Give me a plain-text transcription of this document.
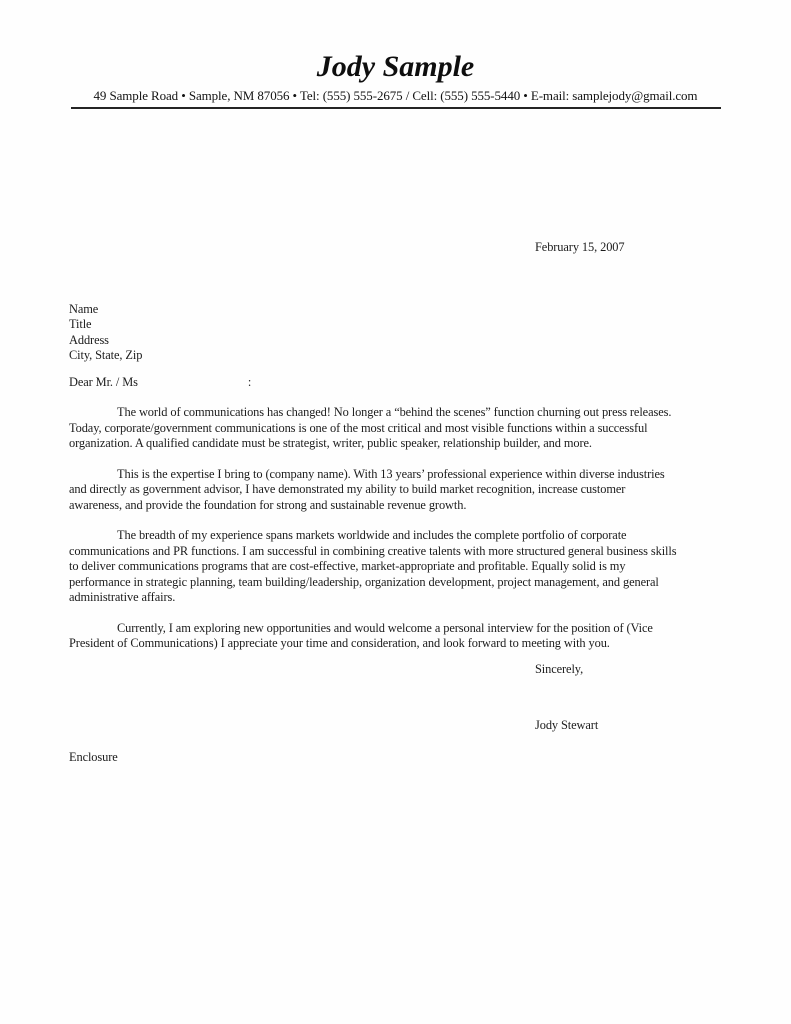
Jody Sample
49 Sample Road • Sample, NM 87056 • Tel: (555) 555-2675 / Cell: (555) 555-5440 • E-mail: samplejody@gmail.com
February 15, 2007
Name
Title
Address
City, State, Zip
Dear Mr. / Ms	:
The world of communications has changed! No longer a “behind the scenes” function churning out press releases.
Today, corporate/government communications is one of the most critical and most visible functions within a successful
organization. A qualified candidate must be strategist, writer, public speaker, relationship builder, and more.
This is the expertise I bring to (company name). With 13 years’ professional experience within diverse industries
and directly as government advisor, I have demonstrated my ability to build market recognition, increase customer
awareness, and provide the foundation for strong and sustainable revenue growth.
The breadth of my experience spans markets worldwide and includes the complete portfolio of corporate
communications and PR functions. I am successful in combining creative talents with more structured general business skills
to deliver communications programs that are cost-effective, market-appropriate and profitable. Equally solid is my
performance in strategic planning, team building/leadership, organization development, project management, and general
administrative affairs.
Currently, I am exploring new opportunities and would welcome a personal interview for the position of (Vice
President of Communications) I appreciate your time and consideration, and look forward to meeting with you.
Sincerely,
Jody Stewart
Enclosure
